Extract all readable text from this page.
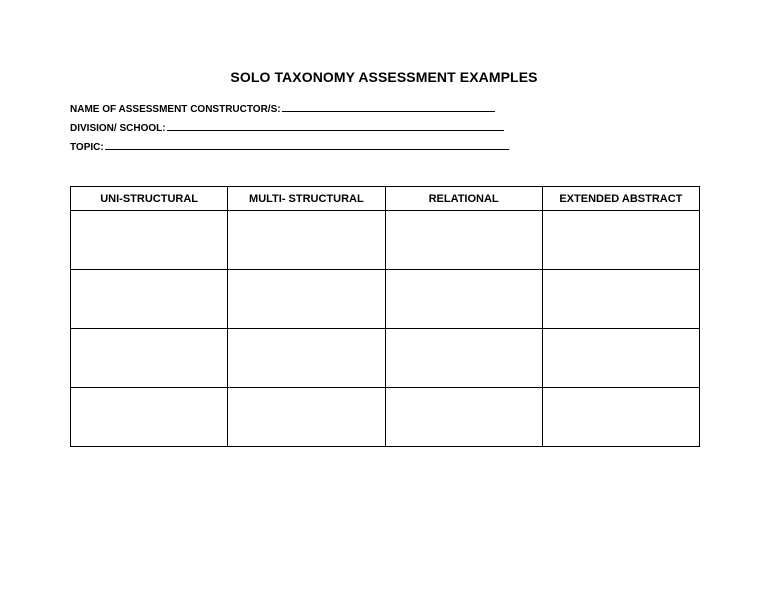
SOLO TAXONOMY ASSESSMENT EXAMPLES
NAME OF ASSESSMENT CONSTRUCTOR/S:
DIVISION/ SCHOOL:
TOPIC:
UNI-STRUCTURAL	MULTI- STRUCTURAL	RELATIONAL	EXTENDED ABSTRACT
